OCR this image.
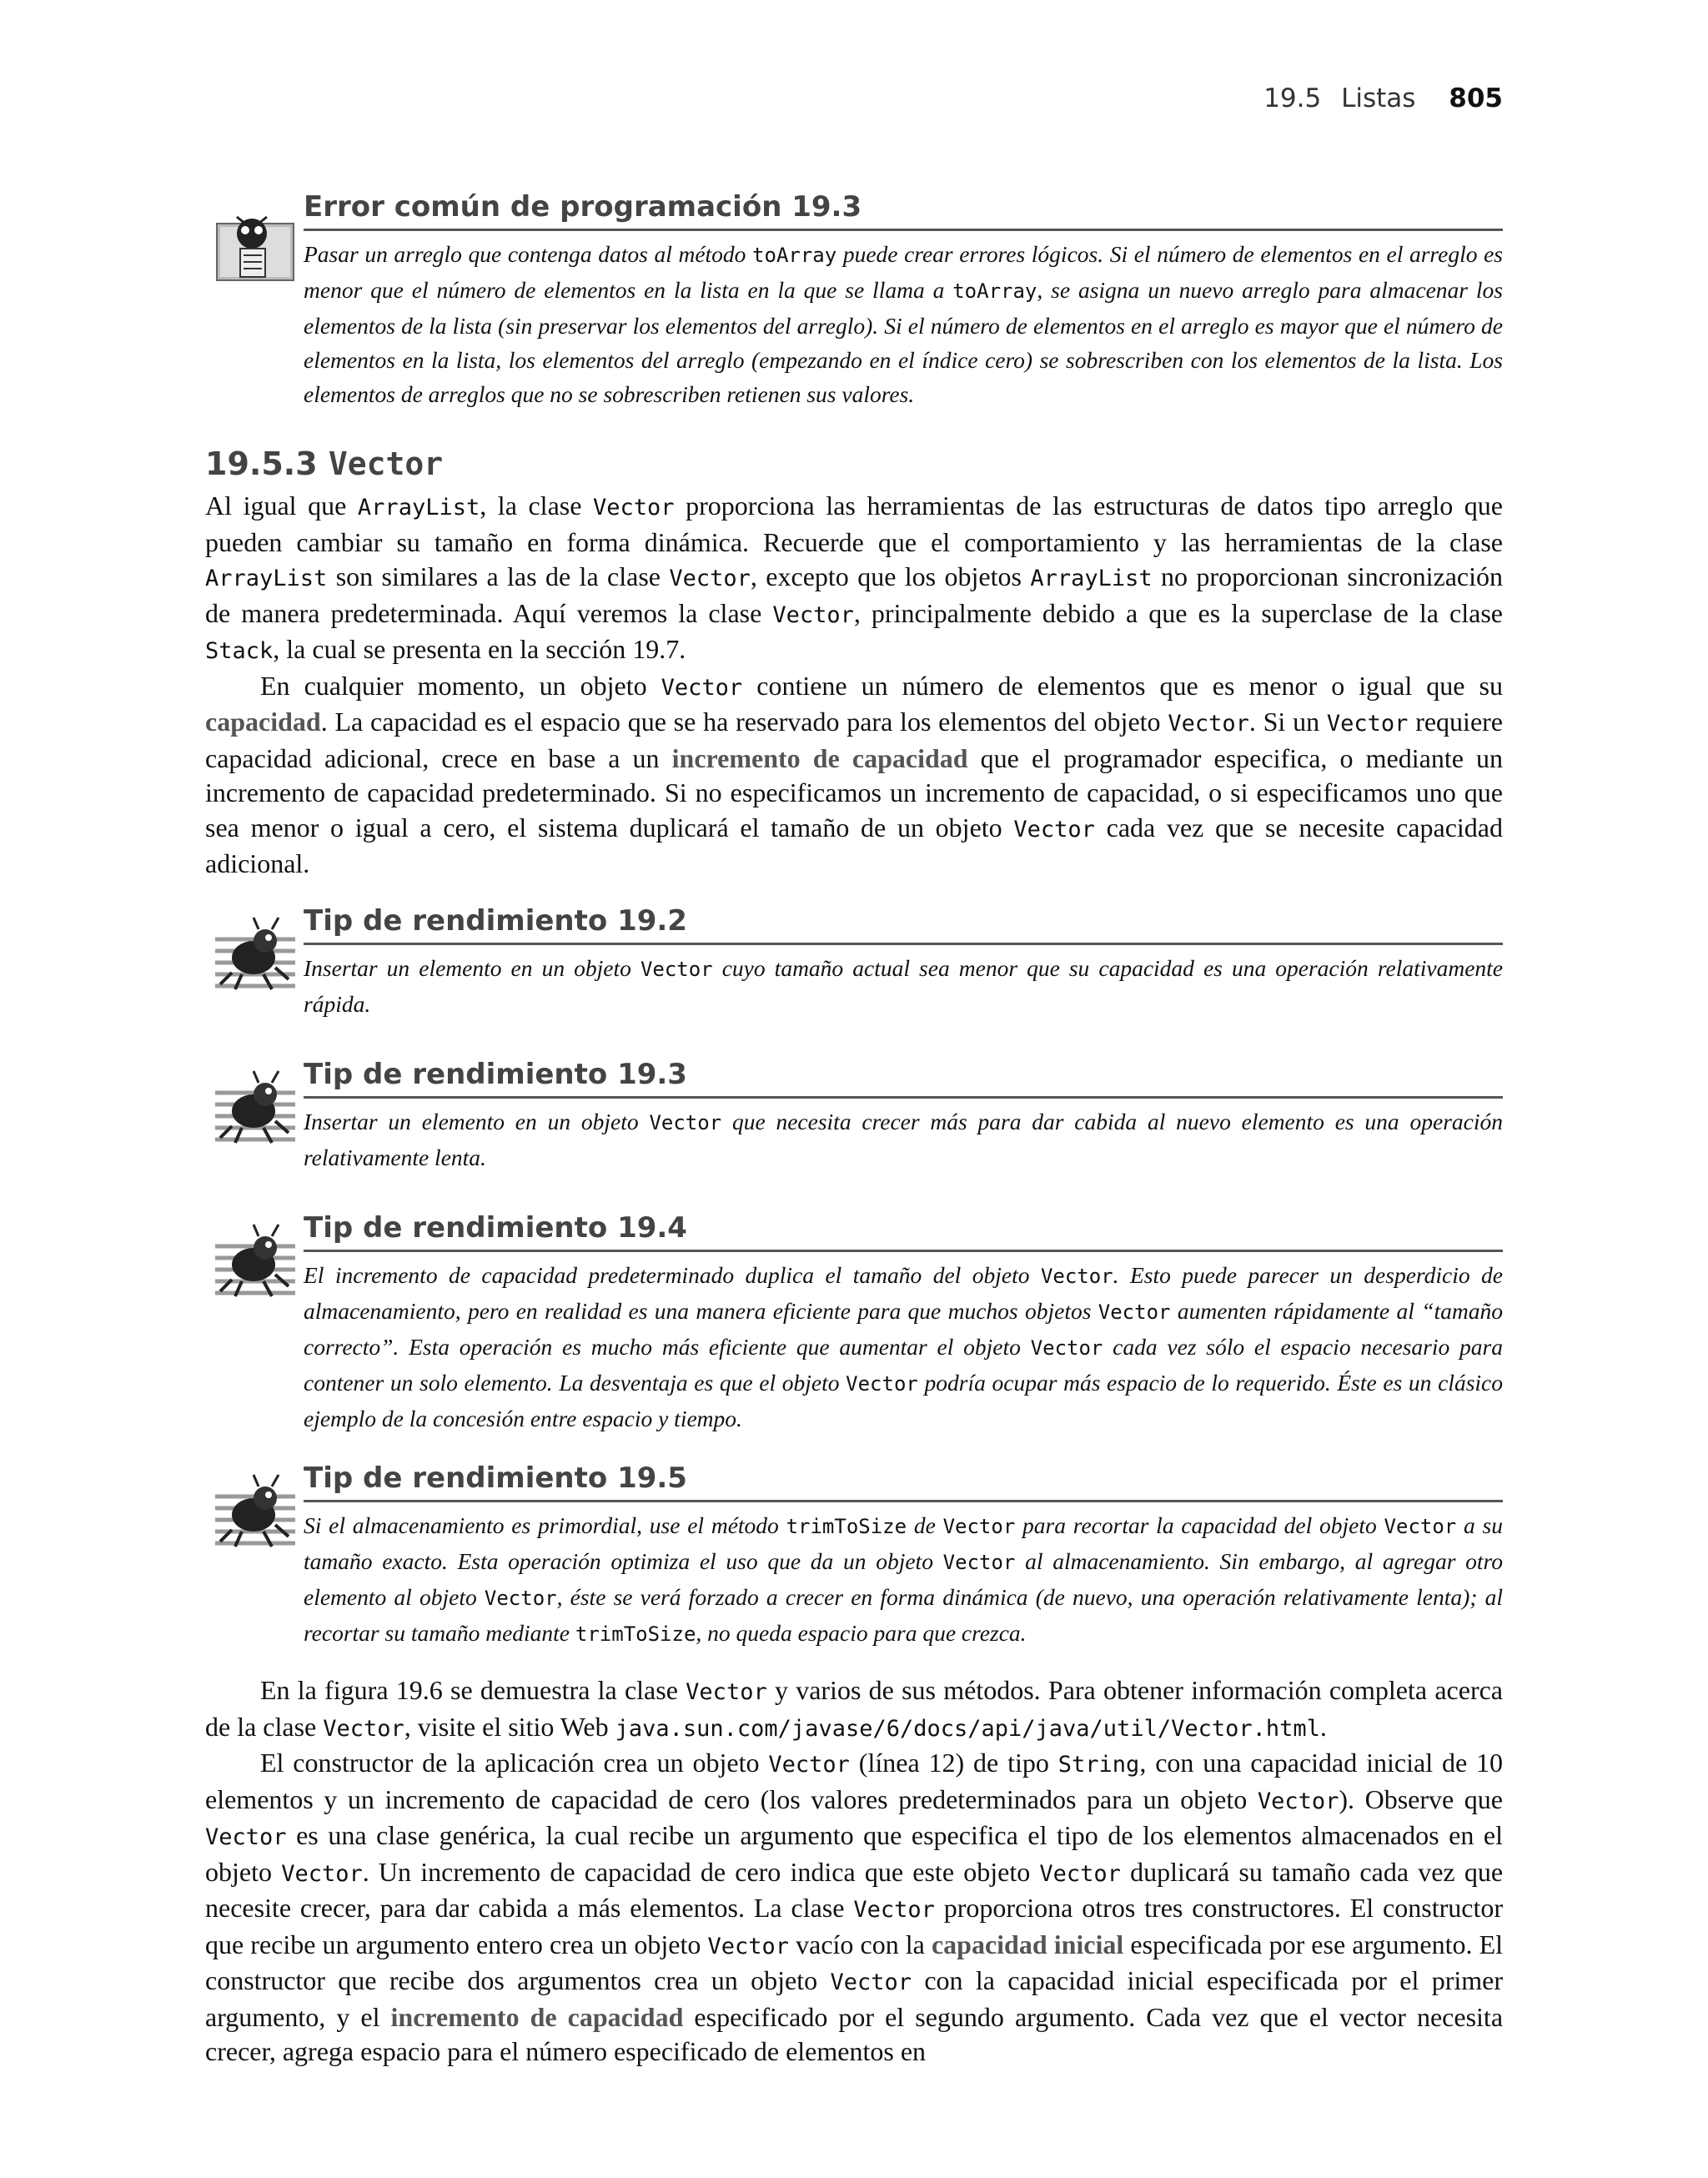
19.5 Listas 805
Error común de programación 19.3
Pasar un arreglo que contenga datos al método toArray puede crear errores lógicos. Si el número de elementos en el arreglo es menor que el número de elementos en la lista en la que se llama a toArray, se asigna un nuevo arreglo para almacenar los elementos de la lista (sin preservar los elementos del arreglo). Si el número de elementos en el arreglo es mayor que el número de elementos en la lista, los elementos del arreglo (empezando en el índice cero) se sobrescriben con los elementos de la lista. Los elementos de arreglos que no se sobrescriben retienen sus valores.
19.5.3 Vector

Al igual que ArrayList, la clase Vector proporciona las herramientas de las estructuras de datos tipo arreglo que pueden cambiar su tamaño en forma dinámica. Recuerde que el comportamiento y las herramientas de la clase ArrayList son similares a las de la clase Vector, excepto que los objetos ArrayList no proporcionan sincronización de manera predeterminada. Aquí veremos la clase Vector, principalmente debido a que es la superclase de la clase Stack, la cual se presenta en la sección 19.7.

En cualquier momento, un objeto Vector contiene un número de elementos que es menor o igual que su capacidad. La capacidad es el espacio que se ha reservado para los elementos del objeto Vector. Si un Vector requiere capacidad adicional, crece en base a un incremento de capacidad que el programador especifica, o mediante un incremento de capacidad predeterminado. Si no especificamos un incremento de capacidad, o si especificamos uno que sea menor o igual a cero, el sistema duplicará el tamaño de un objeto Vector cada vez que se necesite capacidad adicional.

Tip de rendimiento 19.2
Insertar un elemento en un objeto Vector cuyo tamaño actual sea menor que su capacidad es una operación relativamente rápida.
Tip de rendimiento 19.3
Insertar un elemento en un objeto Vector que necesita crecer más para dar cabida al nuevo elemento es una operación relativamente lenta.
Tip de rendimiento 19.4
El incremento de capacidad predeterminado duplica el tamaño del objeto Vector. Esto puede parecer un desperdicio de almacenamiento, pero en realidad es una manera eficiente para que muchos objetos Vector aumenten rápidamente al “tamaño correcto”. Esta operación es mucho más eficiente que aumentar el objeto Vector cada vez sólo el espacio necesario para contener un solo elemento. La desventaja es que el objeto Vector podría ocupar más espacio de lo requerido. Éste es un clásico ejemplo de la concesión entre espacio y tiempo.
Tip de rendimiento 19.5
Si el almacenamiento es primordial, use el método trimToSize de Vector para recortar la capacidad del objeto Vector a su tamaño exacto. Esta operación optimiza el uso que da un objeto Vector al almacenamiento. Sin embargo, al agregar otro elemento al objeto Vector, éste se verá forzado a crecer en forma dinámica (de nuevo, una operación relativamente lenta); al recortar su tamaño mediante trimToSize, no queda espacio para que crezca.

En la figura 19.6 se demuestra la clase Vector y varios de sus métodos. Para obtener información completa acerca de la clase Vector, visite el sitio Web java.sun.com/javase/6/docs/api/java/util/Vector.html.

El constructor de la aplicación crea un objeto Vector (línea 12) de tipo String, con una capacidad inicial de 10 elementos y un incremento de capacidad de cero (los valores predeterminados para un objeto Vector). Observe que Vector es una clase genérica, la cual recibe un argumento que especifica el tipo de los elementos almacenados en el objeto Vector. Un incremento de capacidad de cero indica que este objeto Vector duplicará su tamaño cada vez que necesite crecer, para dar cabida a más elementos. La clase Vector proporciona otros tres constructores. El constructor que recibe un argumento entero crea un objeto Vector vacío con la capacidad inicial especificada por ese argumento. El constructor que recibe dos argumentos crea un objeto Vector con la capacidad inicial especificada por el primer argumento, y el incremento de capacidad especificado por el segundo argumento. Cada vez que el vector necesita crecer, agrega espacio para el número especificado de elementos en
